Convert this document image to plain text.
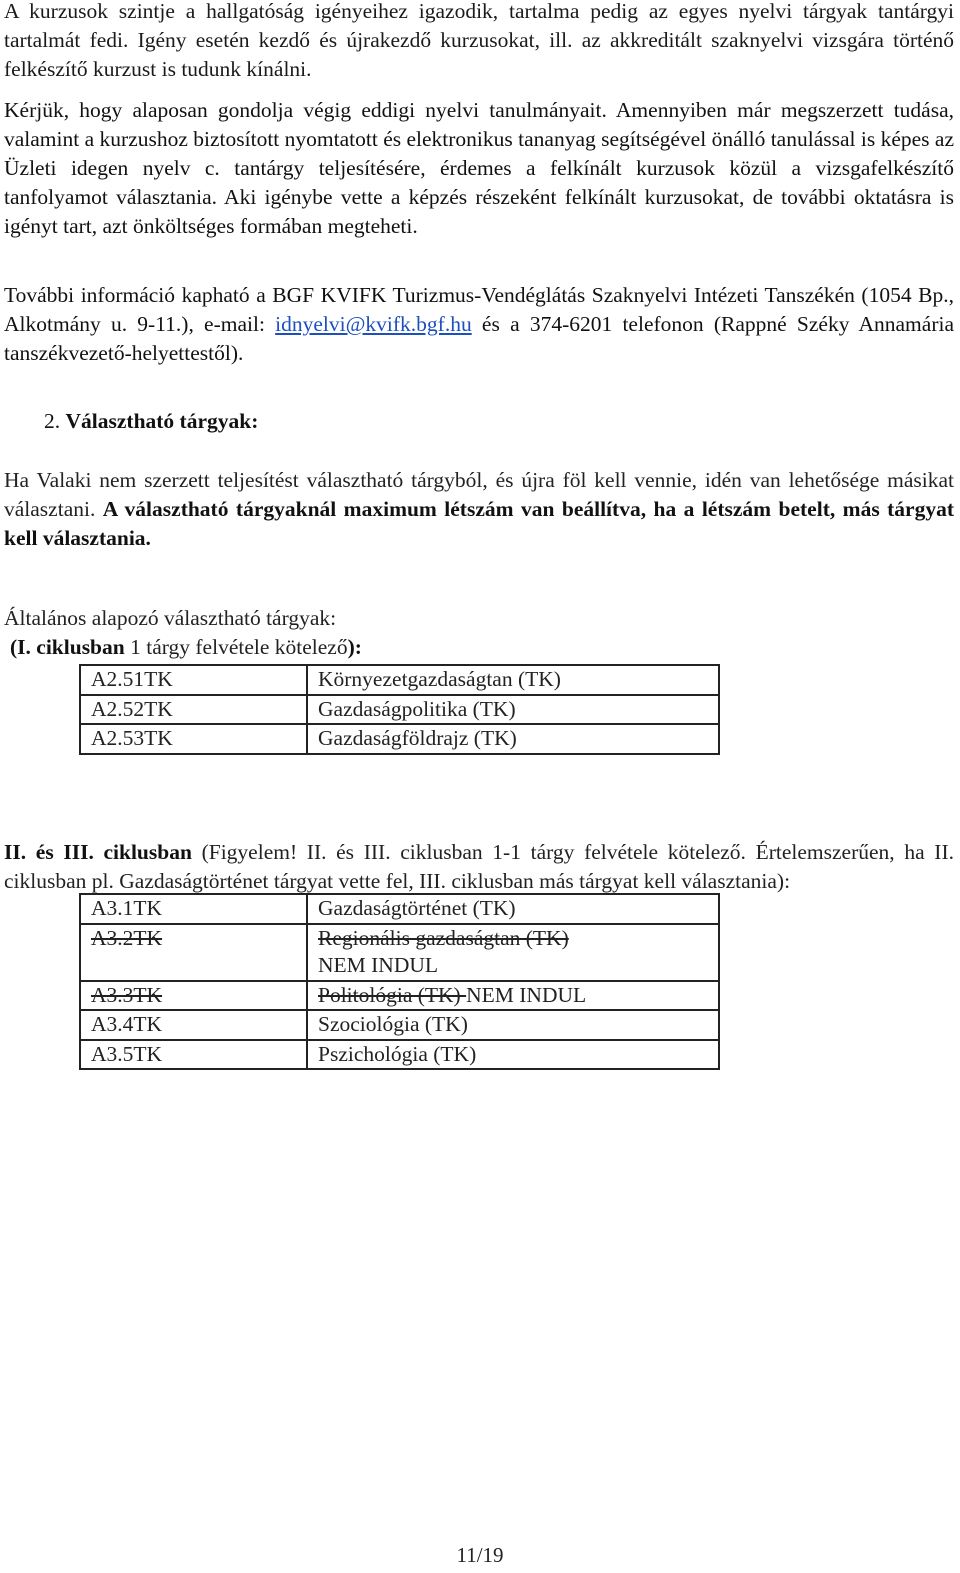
A kurzusok szintje a hallgatóság igényeihez igazodik, tartalma pedig az egyes nyelvi tárgyak tantárgyi tartalmát fedi. Igény esetén kezdő és újrakezdő kurzusokat, ill. az akkreditált szaknyelvi vizsgára történő felkészítő kurzust is tudunk kínálni.

Kérjük, hogy alaposan gondolja végig eddigi nyelvi tanulmányait. Amennyiben már megszerzett tudása, valamint a kurzushoz biztosított nyomtatott és elektronikus tananyag segítségével önálló tanulással is képes az Üzleti idegen nyelv c. tantárgy teljesítésére, érdemes a felkínált kurzusok közül a vizsgafelkészítő tanfolyamot választania. Aki igénybe vette a képzés részeként felkínált kurzusokat, de további oktatásra is igényt tart, azt önköltséges formában megteheti.

További információ kapható a BGF KVIFK Turizmus-Vendéglátás Szaknyelvi Intézeti Tanszékén (1054 Bp., Alkotmány u. 9-11.), e-mail: idnyelvi@kvifk.bgf.hu és a 374-6201 telefonon (Rappné Széky Annamária tanszékvezető-helyettestől).

2. Választható tárgyak:

Ha Valaki nem szerzett teljesítést választható tárgyból, és újra föl kell vennie, idén van lehetősége másikat választani. A választható tárgyaknál maximum létszám van beállítva, ha a létszám betelt, más tárgyat kell választania.

Általános alapozó választható tárgyak:
(I. ciklusban 1 tárgy felvétele kötelező):
A2.51TK	Környezetgazdaságtan (TK)
A2.52TK	Gazdaságpolitika (TK)
A2.53TK	Gazdaságföldrajz (TK)

II. és III. ciklusban (Figyelem! II. és III. ciklusban 1-1 tárgy felvétele kötelező. Értelemszerűen, ha II. ciklusban pl. Gazdaságtörténet tárgyat vette fel, III. ciklusban más tárgyat kell választania):

A3.1TK	Gazdaságtörténet (TK)
A3.2TK	Regionális gazdaságtan (TK)
NEM INDUL
A3.3TK	Politológia (TK) NEM INDUL
A3.4TK	Szociológia (TK)
A3.5TK	Pszichológia (TK)
11/19
